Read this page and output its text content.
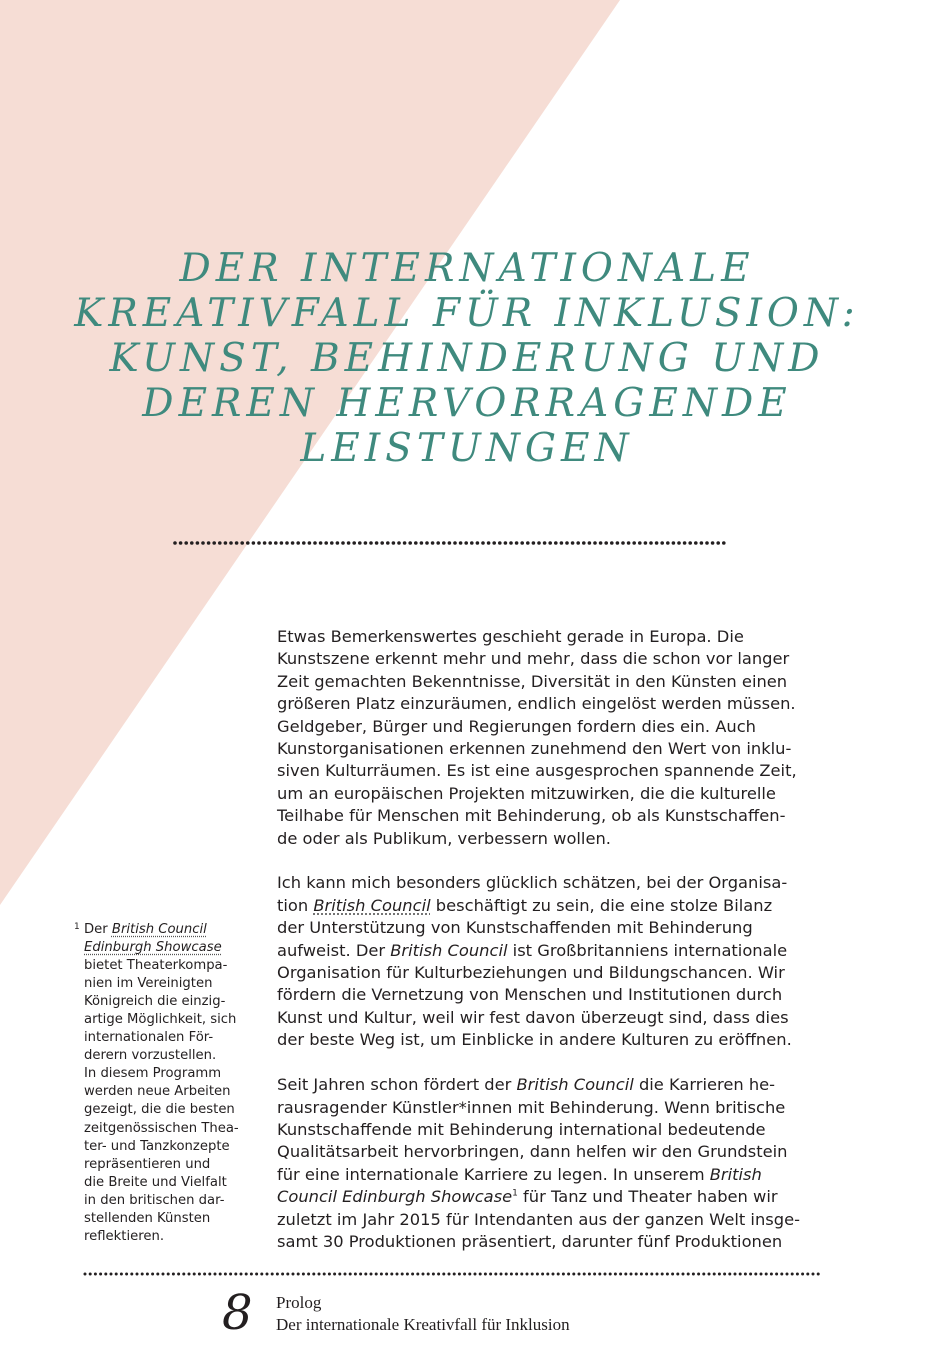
DER INTERNATIONALE
KREATIVFALL FÜR INKLUSION:
KUNST, BEHINDERUNG UND
DEREN HERVORRAGENDE
LEISTUNGEN

Etwas Bemerkenswertes geschieht gerade in Europa. Die
Kunstszene erkennt mehr und mehr, dass die schon vor langer
Zeit gemachten Bekenntnisse, Diversität in den Künsten einen
größeren Platz einzuräumen, endlich eingelöst werden müssen.
Geldgeber, Bürger und Regierungen fordern dies ein. Auch
Kunstorganisationen erkennen zunehmend den Wert von inklu-
siven Kulturräumen. Es ist eine ausgesprochen spannende Zeit,
um an europäischen Projekten mitzuwirken, die die kulturelle
Teilhabe für Menschen mit Behinderung, ob als Kunstschaffen-
de oder als Publikum, verbessern wollen.

Ich kann mich besonders glücklich schätzen, bei der Organisa-
tion British Council beschäftigt zu sein, die eine stolze Bilanz
der Unterstützung von Kunstschaffenden mit Behinderung
aufweist. Der British Council ist Großbritanniens internationale
Organisation für Kulturbeziehungen und Bildungschancen. Wir
fördern die Vernetzung von Menschen und Institutionen durch
Kunst und Kultur, weil wir fest davon überzeugt sind, dass dies
der beste Weg ist, um Einblicke in andere Kulturen zu eröffnen.

Seit Jahren schon fördert der British Council die Karrieren he-
rausragender Künstler*innen mit Behinderung. Wenn britische
Kunstschaffende mit Behinderung international bedeutende
Qualitätsarbeit hervorbringen, dann helfen wir den Grundstein
für eine internationale Karriere zu legen. In unserem British
Council Edinburgh Showcase$^1$ für Tanz und Theater haben wir
zuletzt im Jahr 2015 für Intendanten aus der ganzen Welt insge-
samt 30 Produktionen präsentiert, darunter fünf Produktionen

1 Der British Council
Edinburgh Showcase
bietet Theaterkompa-
nien im Vereinigten
Königreich die einzig-
artige Möglichkeit, sich
internationalen För-
derern vorzustellen.
In diesem Programm
werden neue Arbeiten
gezeigt, die die besten
zeitgenössischen Thea-
ter- und Tanzkonzepte
repräsentieren und
die Breite und Vielfalt
in den britischen dar-
stellenden Künsten
reflektieren.
8 Prolog
Der internationale Kreativfall für Inklusion
